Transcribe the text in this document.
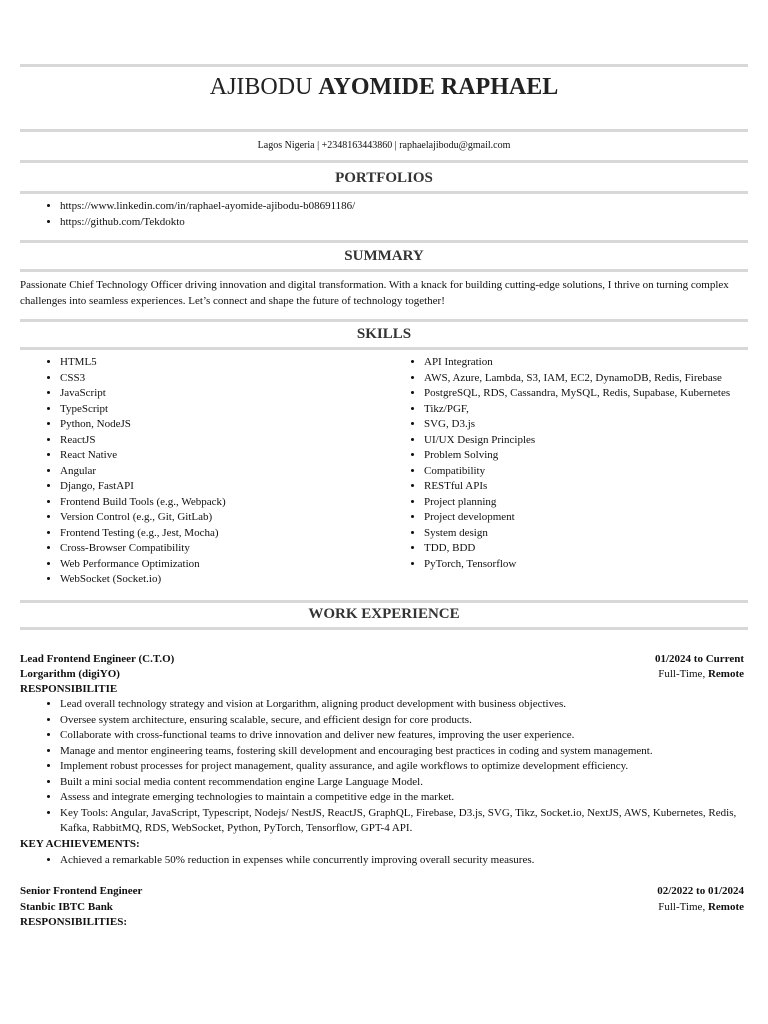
AJIBODU AYOMIDE RAPHAEL
Lagos Nigeria | +2348163443860 | raphaelajibodu@gmail.com
PORTFOLIOS
• https://www.linkedin.com/in/raphael-ayomide-ajibodu-b08691186/
• https://github.com/Tekdokto
SUMMARY
Passionate Chief Technology Officer driving innovation and digital transformation. With a knack for building cutting-edge solutions, I thrive on turning complex challenges into seamless experiences. Let’s connect and shape the future of technology together!
SKILLS
• HTML5
• CSS3
• JavaScript
• TypeScript
• Python, NodeJS
• ReactJS
• React Native
• Angular
• Django, FastAPI
• Frontend Build Tools (e.g., Webpack)
• Version Control (e.g., Git, GitLab)
• Frontend Testing (e.g., Jest, Mocha)
• Cross-Browser Compatibility
• Web Performance Optimization
• WebSocket (Socket.io)
• API Integration
• AWS, Azure, Lambda, S3, IAM, EC2, DynamoDB, Redis, Firebase
• PostgreSQL, RDS, Cassandra, MySQL, Redis, Supabase, Kubernetes
• Tikz/PGF,
• SVG, D3.js
• UI/UX Design Principles
• Problem Solving
• Compatibility
• RESTful APIs
• Project planning
• Project development
• System design
• TDD, BDD
• PyTorch, Tensorflow
WORK EXPERIENCE
Lead Frontend Engineer (C.T.O)	01/2024 to Current
Lorgarithm (digiYO)	Full-Time, Remote
RESPONSIBILITIE
• Lead overall technology strategy and vision at Lorgarithm, aligning product development with business objectives.
• Oversee system architecture, ensuring scalable, secure, and efficient design for core products.
• Collaborate with cross-functional teams to drive innovation and deliver new features, improving the user experience.
• Manage and mentor engineering teams, fostering skill development and encouraging best practices in coding and system management.
• Implement robust processes for project management, quality assurance, and agile workflows to optimize development efficiency.
• Built a mini social media content recommendation engine Large Language Model.
• Assess and integrate emerging technologies to maintain a competitive edge in the market.
• Key Tools: Angular, JavaScript, Typescript, Nodejs/ NestJS, ReactJS, GraphQL, Firebase, D3.js, SVG, Tikz, Socket.io, NextJS, AWS, Kubernetes, Redis, Kafka, RabbitMQ, RDS, WebSocket, Python, PyTorch, Tensorflow, GPT-4 API.
KEY ACHIEVEMENTS:
• Achieved a remarkable 50% reduction in expenses while concurrently improving overall security measures.
Senior Frontend Engineer	02/2022 to 01/2024
Stanbic IBTC Bank	Full-Time, Remote
RESPONSIBILITIES:
